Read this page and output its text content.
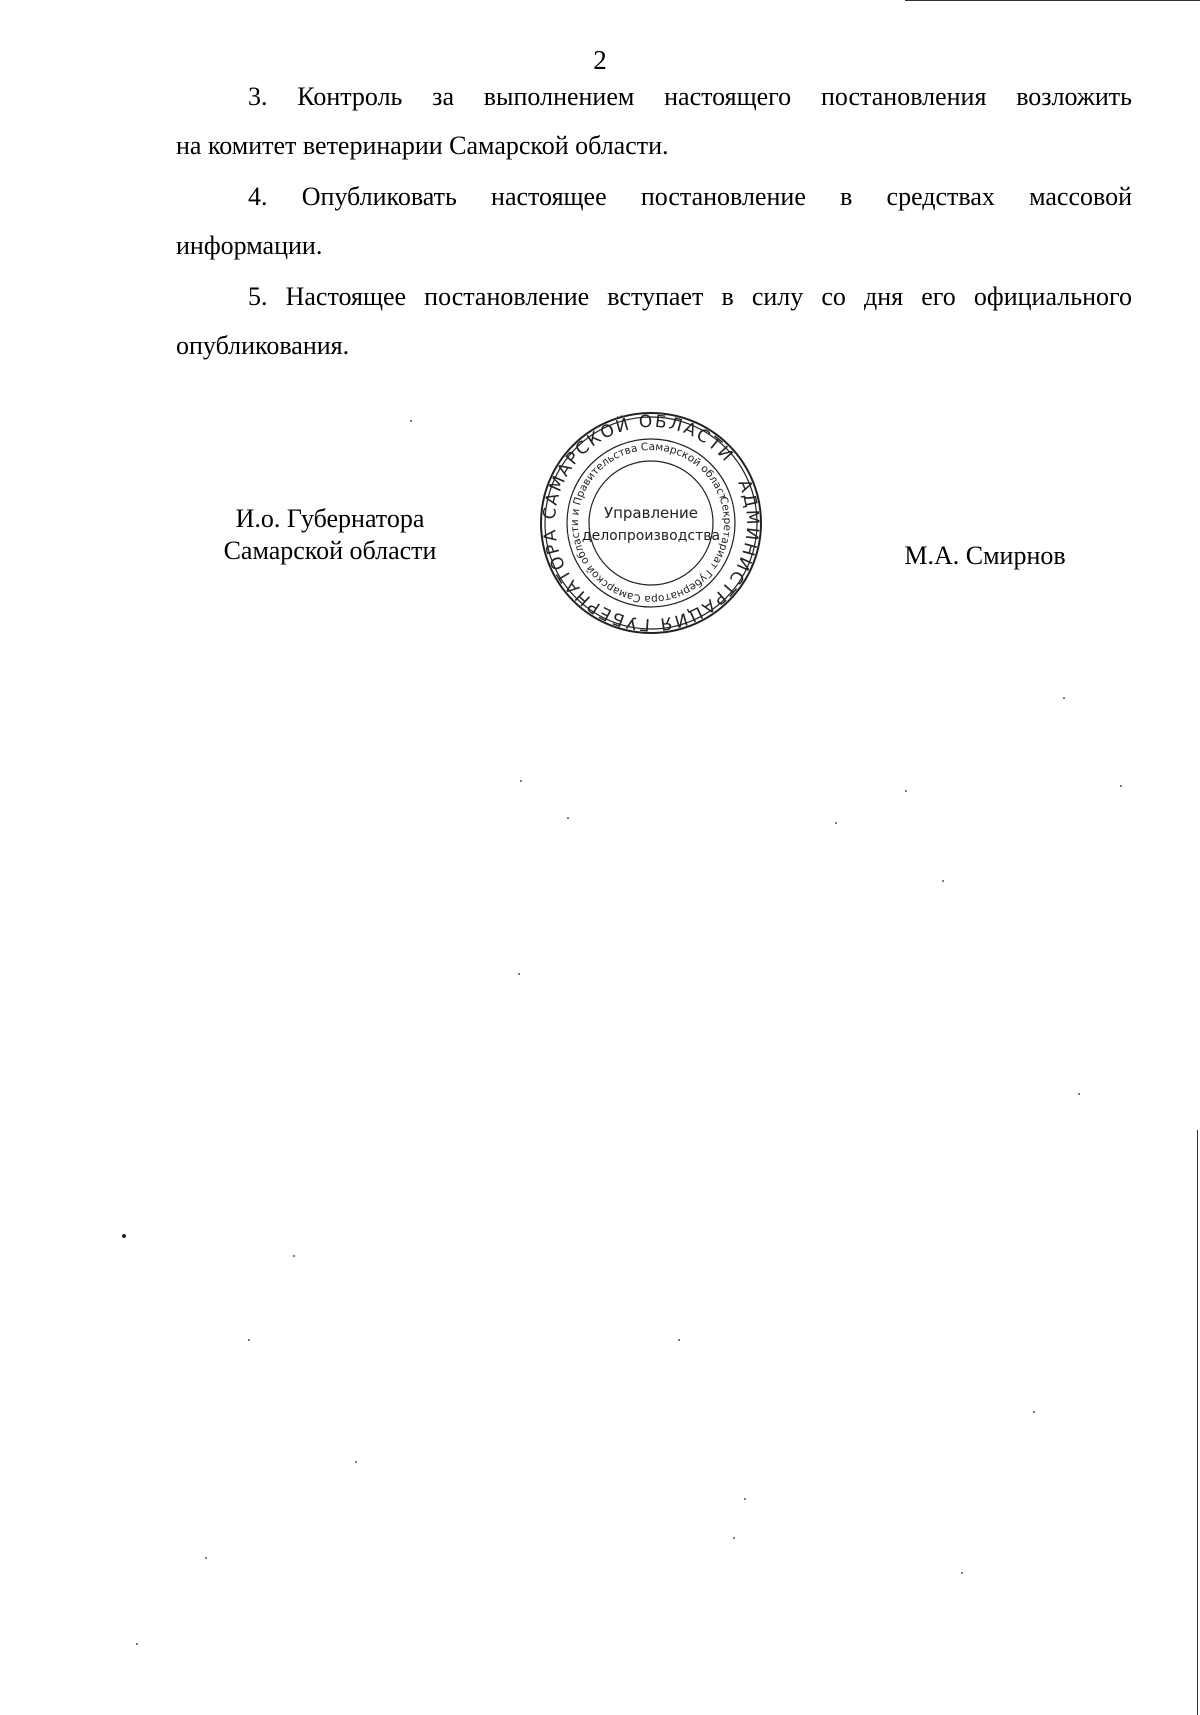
2

3. Контроль за выполнением настоящего постановления возложить
на комитет ветеринарии Самарской области.

4. Опубликовать настоящее постановление в средствах массовой
информации.

5. Настоящее постановление вступает в силу со дня его официального
опубликования.

И.о. Губернатора
Самарской области
АДМИНИСТРАЦИЯ ГУБЕРНАТОРА САМАРСКОЙ ОБЛАСТИ
Секретариат Губернатора Самарской области и Правительства Самарской области
Управление
делопроизводства
М.А. Смирнов
